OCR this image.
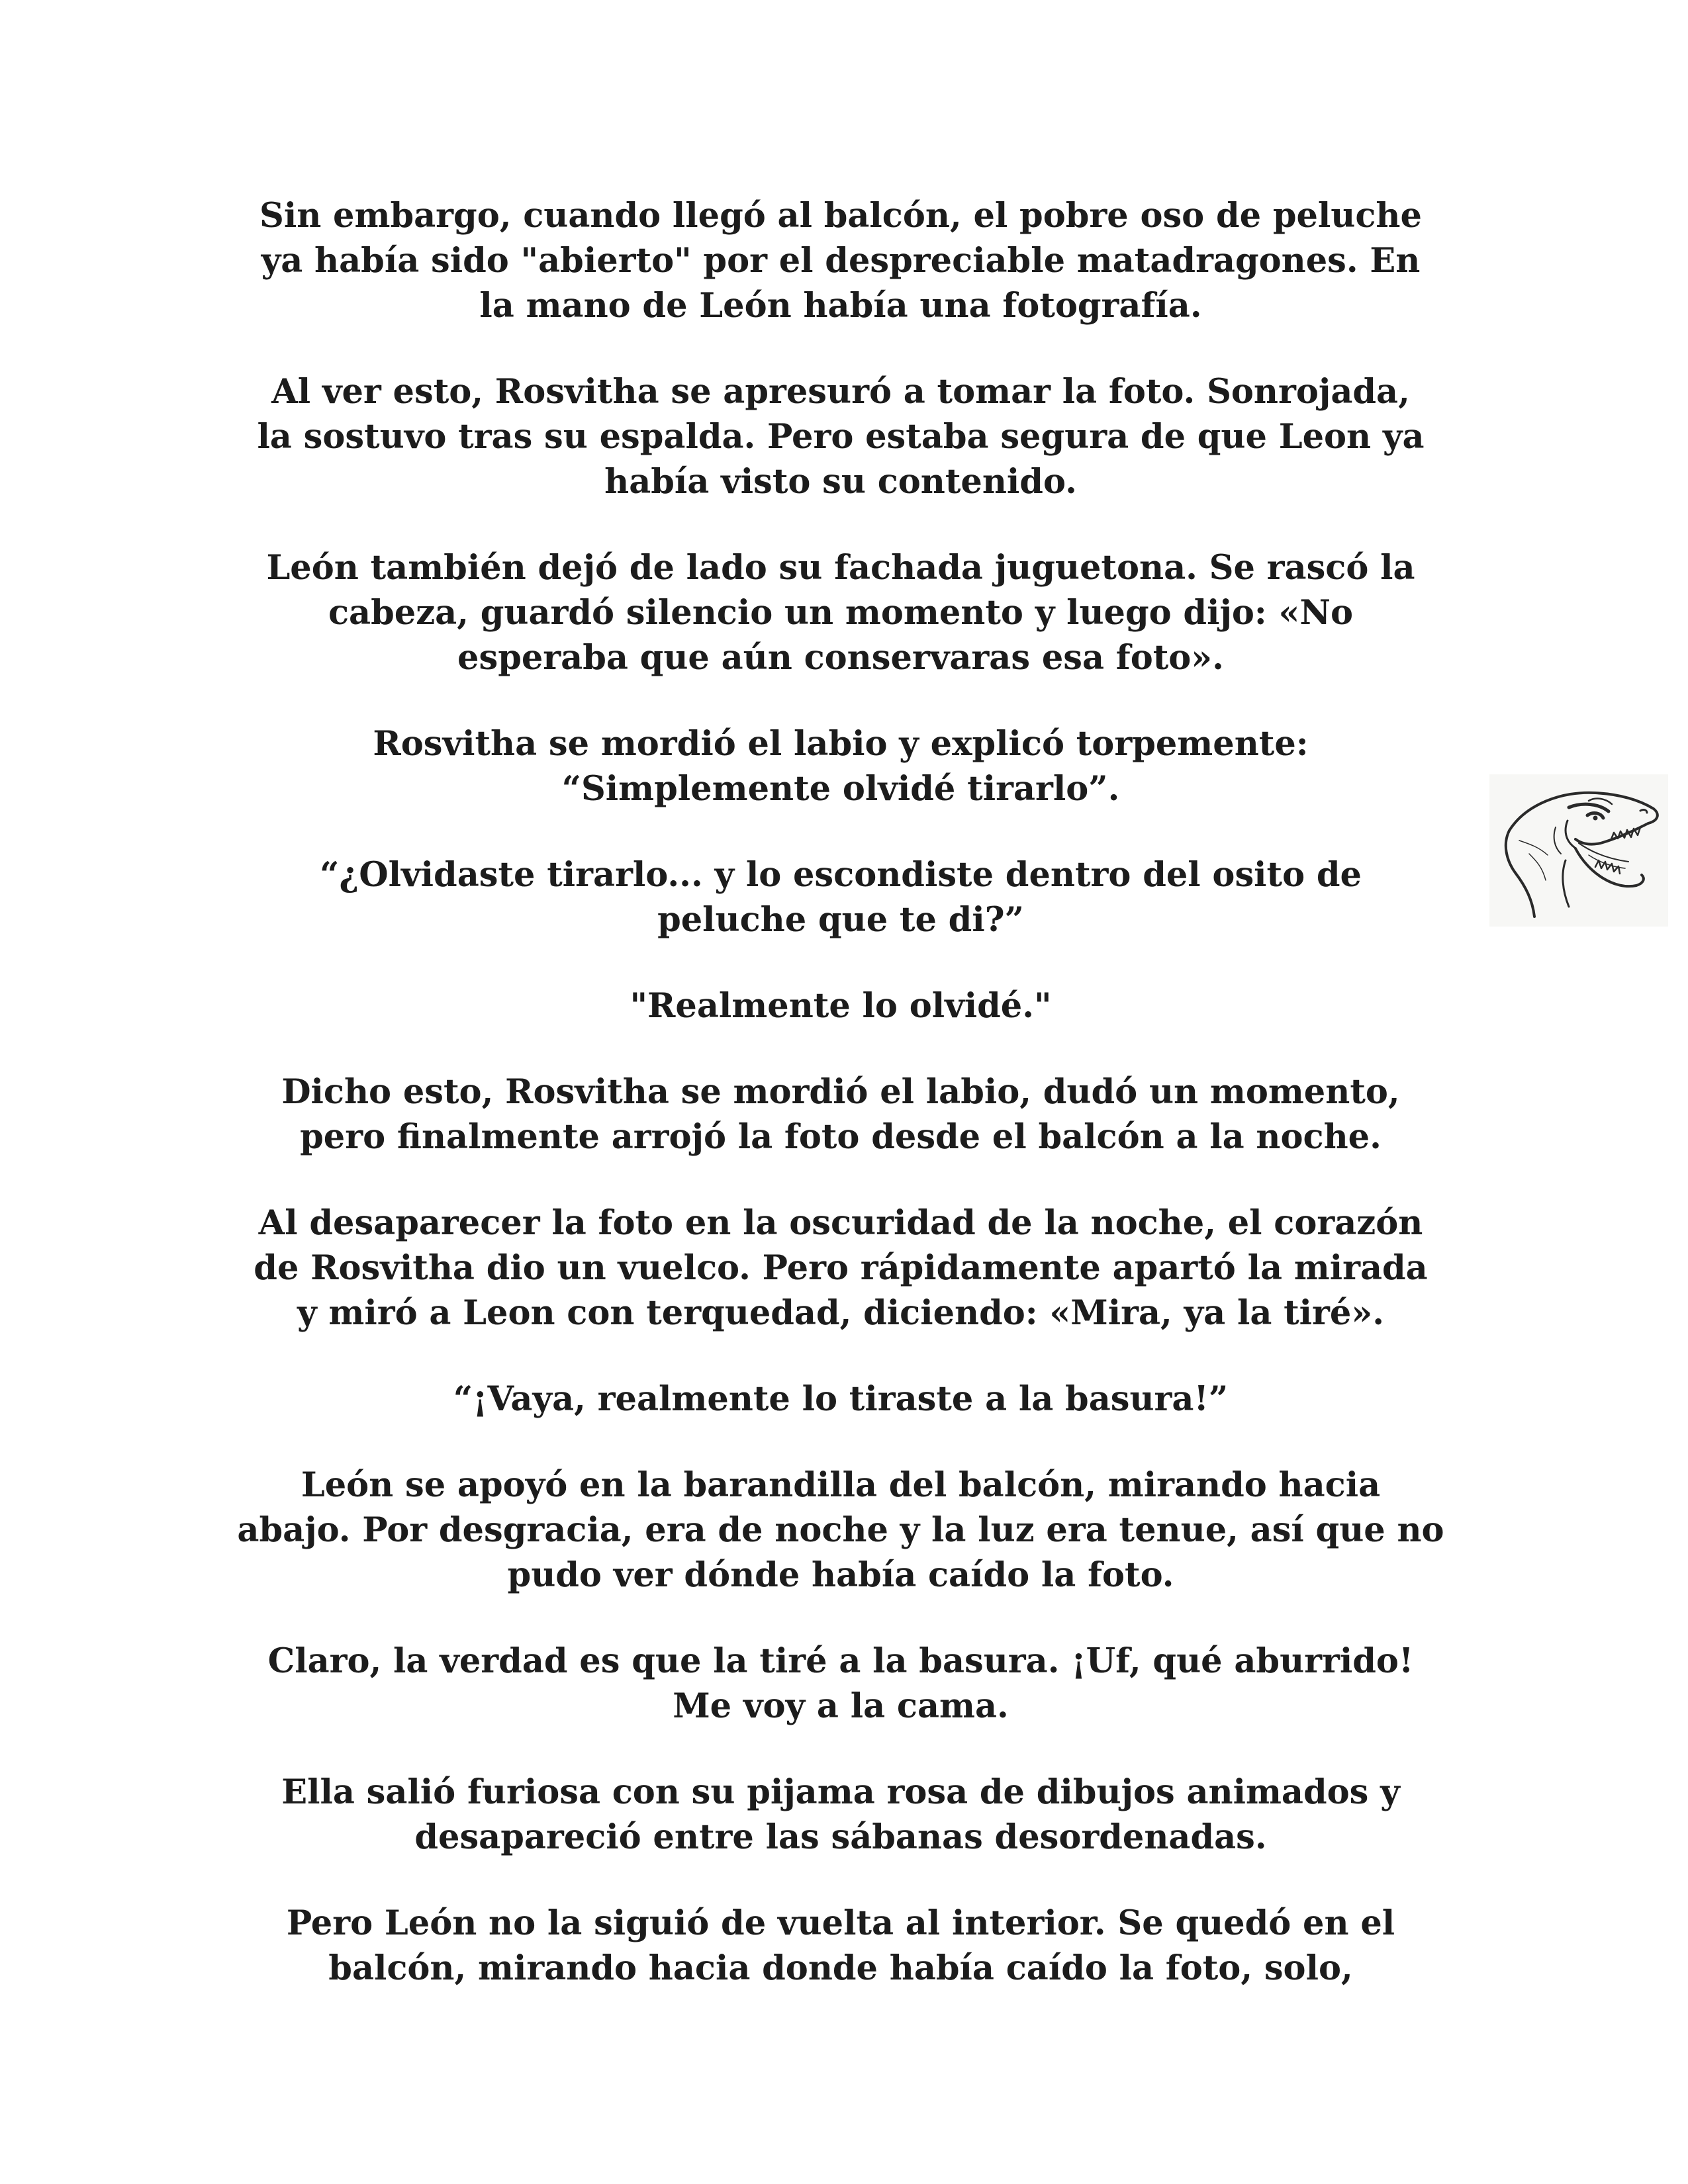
Sin embargo, cuando llegó al balcón, el pobre oso de peluche
ya había sido "abierto" por el despreciable matadragones. En
la mano de León había una fotografía.

Al ver esto, Rosvitha se apresuró a tomar la foto. Sonrojada,
la sostuvo tras su espalda. Pero estaba segura de que Leon ya
había visto su contenido.

León también dejó de lado su fachada juguetona. Se rascó la
cabeza, guardó silencio un momento y luego dijo: «No
esperaba que aún conservaras esa foto».

Rosvitha se mordió el labio y explicó torpemente:
“Simplemente olvidé tirarlo”.

“¿Olvidaste tirarlo... y lo escondiste dentro del osito de
peluche que te di?”

"Realmente lo olvidé."

Dicho esto, Rosvitha se mordió el labio, dudó un momento,
pero finalmente arrojó la foto desde el balcón a la noche.

Al desaparecer la foto en la oscuridad de la noche, el corazón
de Rosvitha dio un vuelco. Pero rápidamente apartó la mirada
y miró a Leon con terquedad, diciendo: «Mira, ya la tiré».

“¡Vaya, realmente lo tiraste a la basura!”

León se apoyó en la barandilla del balcón, mirando hacia
abajo. Por desgracia, era de noche y la luz era tenue, así que no
pudo ver dónde había caído la foto.

Claro, la verdad es que la tiré a la basura. ¡Uf, qué aburrido!
Me voy a la cama.

Ella salió furiosa con su pijama rosa de dibujos animados y
desapareció entre las sábanas desordenadas.

Pero León no la siguió de vuelta al interior. Se quedó en el
balcón, mirando hacia donde había caído la foto, solo,
